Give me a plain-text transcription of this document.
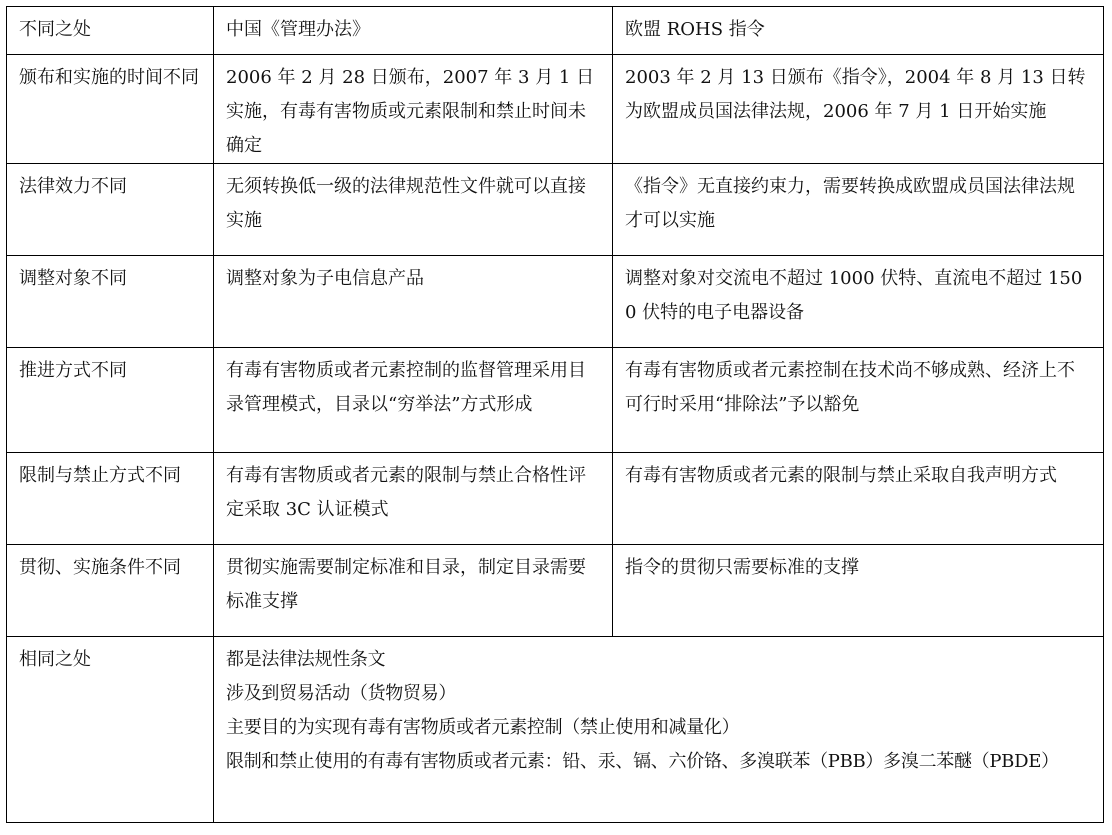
不同之处	中国《管理办法》	欧盟 ROHS 指令
颁布和实施的时间不同	2006 年 2 月 28 日颁布，2007 年 3 月 1 日实施，有毒有害物质或元素限制和禁止时间未确定	2003 年 2 月 13 日颁布《指令》，2004 年 8 月 13 日转为欧盟成员国法律法规，2006 年 7 月 1 日开始实施
法律效力不同	无须转换低一级的法律规范性文件就可以直接实施	《指令》无直接约束力，需要转换成欧盟成员国法律法规才可以实施
调整对象不同	调整对象为子电信息产品	调整对象对交流电不超过 1000 伏特、直流电不超过 1500 伏特的电子电器设备
推进方式不同	有毒有害物质或者元素控制的监督管理采用目录管理模式，目录以“穷举法”方式形成	有毒有害物质或者元素控制在技术尚不够成熟、经济上不可行时采用“排除法”予以豁免
限制与禁止方式不同	有毒有害物质或者元素的限制与禁止合格性评定采取 3C 认证模式	有毒有害物质或者元素的限制与禁止采取自我声明方式
贯彻、实施条件不同	贯彻实施需要制定标准和目录，制定目录需要标准支撑	指令的贯彻只需要标准的支撑
相同之处	都是法律法规性条文
涉及到贸易活动（货物贸易）
主要目的为实现有毒有害物质或者元素控制（禁止使用和减量化）
限制和禁止使用的有毒有害物质或者元素：铅、汞、镉、六价铬、多溴联苯（PBB）多溴二苯醚（PBDE）	
